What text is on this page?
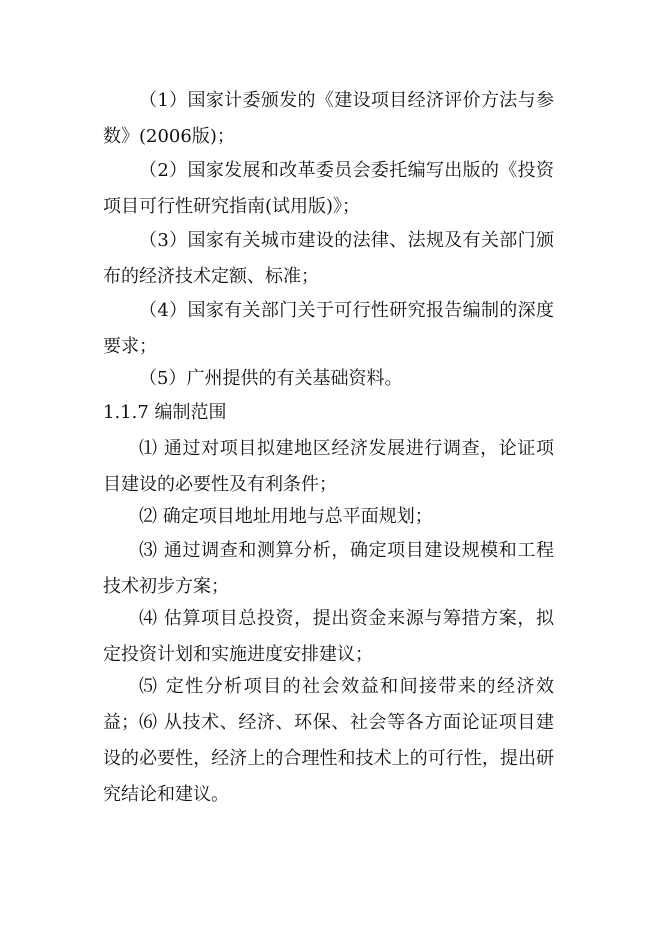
（1）国家计委颁发的《建设项目经济评价方法与参数》(2006版)；

（2）国家发展和改革委员会委托编写出版的《投资项目可行性研究指南(试用版)》；

（3）国家有关城市建设的法律、法规及有关部门颁布的经济技术定额、标准；

（4）国家有关部门关于可行性研究报告编制的深度要求；

（5）广州提供的有关基础资料。

1.1.7 编制范围

⑴ 通过对项目拟建地区经济发展进行调查，论证项目建设的必要性及有利条件；

⑵ 确定项目地址用地与总平面规划；

⑶ 通过调查和测算分析，确定项目建设规模和工程技术初步方案；

⑷ 估算项目总投资，提出资金来源与筹措方案，拟定投资计划和实施进度安排建议；

⑸ 定性分析项目的社会效益和间接带来的经济效益； ⑹ 从技术、经济、环保、社会等各方面论证项目建设的必要性，经济上的合理性和技术上的可行性，提出研究结论和建议。
